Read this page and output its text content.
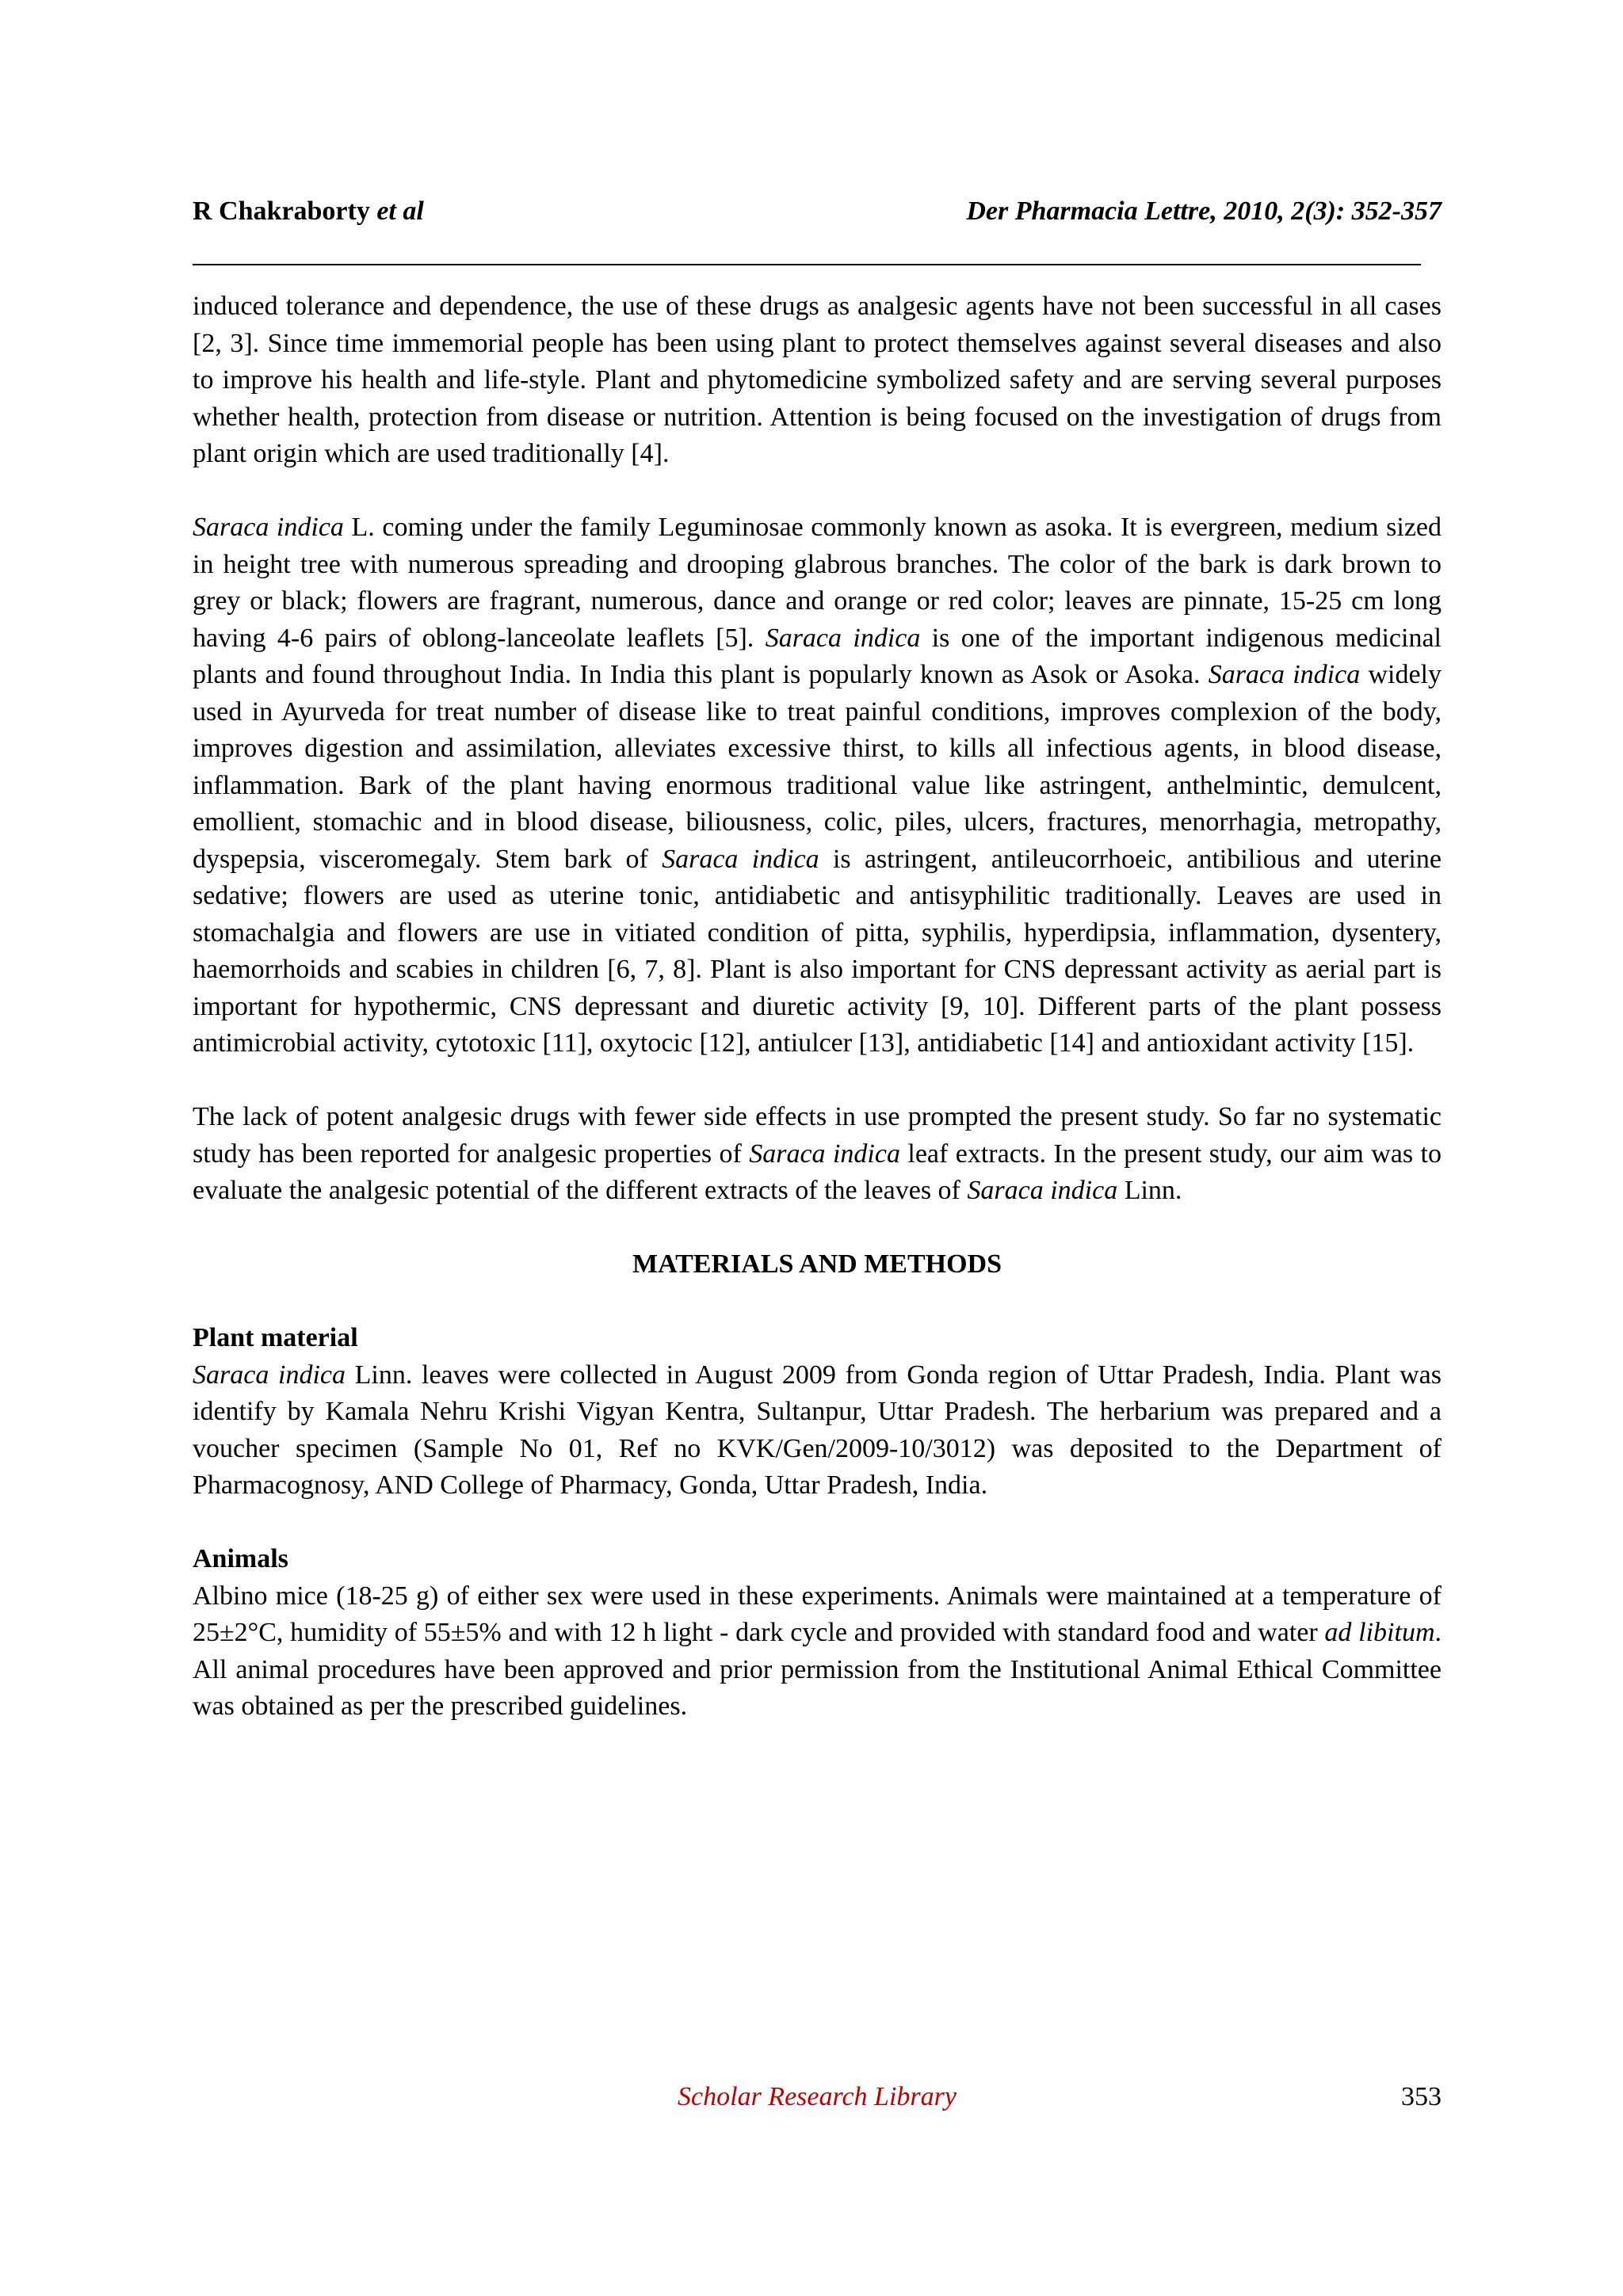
R Chakraborty et al	Der Pharmacia Lettre, 2010, 2(3): 352-357

induced tolerance and dependence, the use of these drugs as analgesic agents have not been successful in all cases [2, 3]. Since time immemorial people has been using plant to protect themselves against several diseases and also to improve his health and life-style. Plant and phytomedicine symbolized safety and are serving several purposes whether health, protection from disease or nutrition. Attention is being focused on the investigation of drugs from plant origin which are used traditionally [4].

Saraca indica L. coming under the family Leguminosae commonly known as asoka. It is evergreen, medium sized in height tree with numerous spreading and drooping glabrous branches. The color of the bark is dark brown to grey or black; flowers are fragrant, numerous, dance and orange or red color; leaves are pinnate, 15-25 cm long having 4-6 pairs of oblong-lanceolate leaflets [5]. Saraca indica is one of the important indigenous medicinal plants and found throughout India. In India this plant is popularly known as Asok or Asoka. Saraca indica widely used in Ayurveda for treat number of disease like to treat painful conditions, improves complexion of the body, improves digestion and assimilation, alleviates excessive thirst, to kills all infectious agents, in blood disease, inflammation. Bark of the plant having enormous traditional value like astringent, anthelmintic, demulcent, emollient, stomachic and in blood disease, biliousness, colic, piles, ulcers, fractures, menorrhagia, metropathy, dyspepsia, visceromegaly. Stem bark of Saraca indica is astringent, antileucorrhoeic, antibilious and uterine sedative; flowers are used as uterine tonic, antidiabetic and antisyphilitic traditionally. Leaves are used in stomachalgia and flowers are use in vitiated condition of pitta, syphilis, hyperdipsia, inflammation, dysentery, haemorrhoids and scabies in children [6, 7, 8]. Plant is also important for CNS depressant activity as aerial part is important for hypothermic, CNS depressant and diuretic activity [9, 10]. Different parts of the plant possess antimicrobial activity, cytotoxic [11], oxytocic [12], antiulcer [13], antidiabetic [14] and antioxidant activity [15].

The lack of potent analgesic drugs with fewer side effects in use prompted the present study. So far no systematic study has been reported for analgesic properties of Saraca indica leaf extracts. In the present study, our aim was to evaluate the analgesic potential of the different extracts of the leaves of Saraca indica Linn.

MATERIALS AND METHODS

Plant material

Saraca indica Linn. leaves were collected in August 2009 from Gonda region of Uttar Pradesh, India. Plant was identify by Kamala Nehru Krishi Vigyan Kentra, Sultanpur, Uttar Pradesh. The herbarium was prepared and a voucher specimen (Sample No 01, Ref no KVK/Gen/2009-10/3012) was deposited to the Department of Pharmacognosy, AND College of Pharmacy, Gonda, Uttar Pradesh, India.

Animals

Albino mice (18-25 g) of either sex were used in these experiments. Animals were maintained at a temperature of 25±2°C, humidity of 55±5% and with 12 h light - dark cycle and provided with standard food and water ad libitum. All animal procedures have been approved and prior permission from the Institutional Animal Ethical Committee was obtained as per the prescribed guidelines.

Scholar Research Library	353
